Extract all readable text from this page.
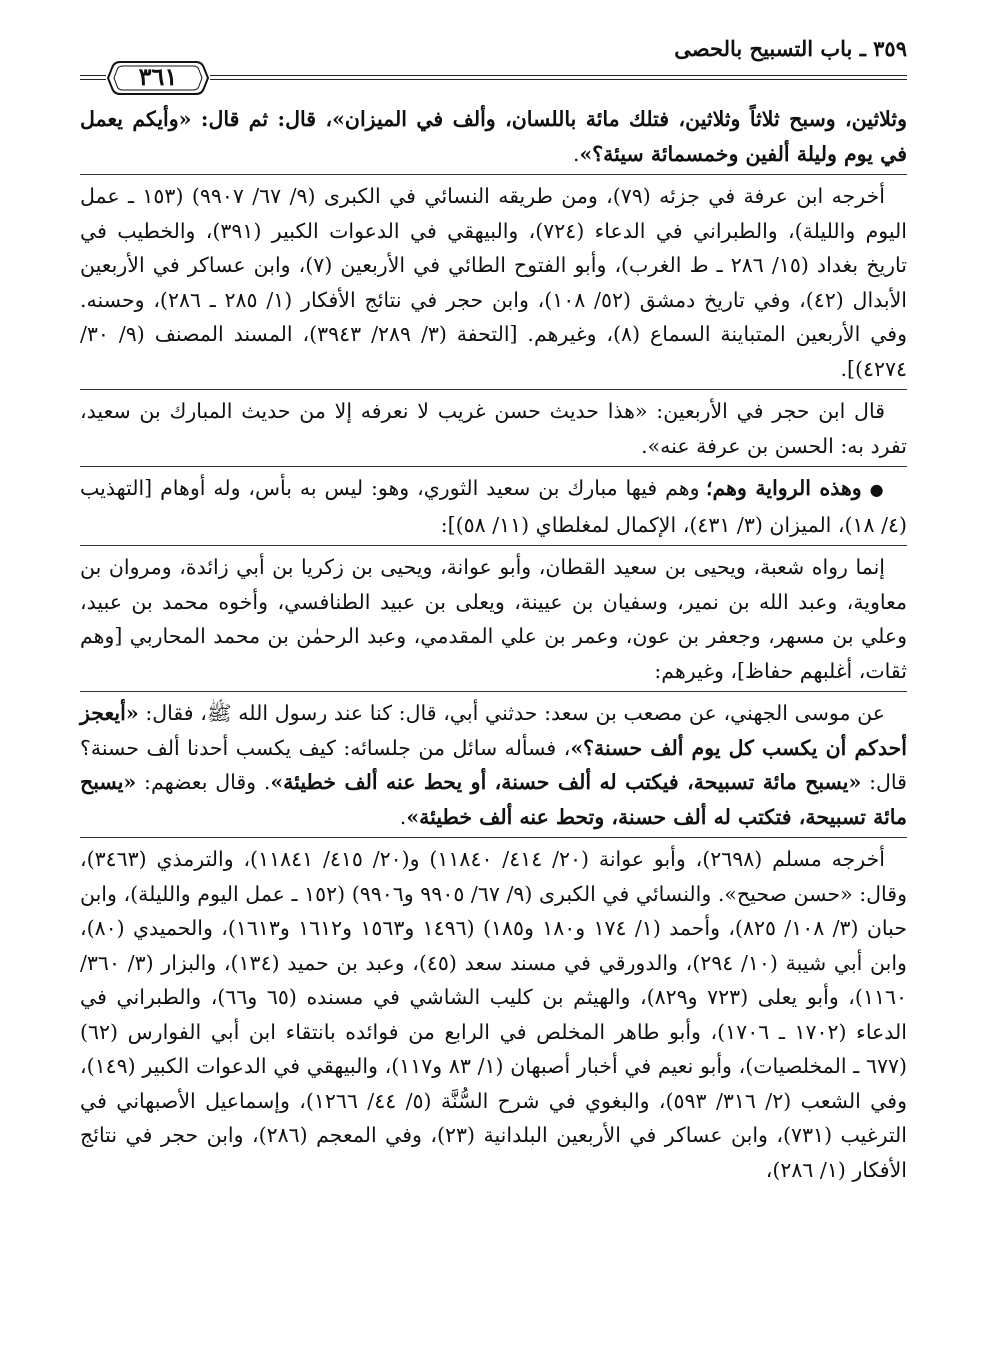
٣٥٩ ـ باب التسبيح بالحصى
٣٦١

وثلاثين، وسبح ثلاثاً وثلاثين، فتلك مائة باللسان، وألف في الميزان»، قال: ثم قال: «وأيكم يعمل في يوم وليلة ألفين وخمسمائة سيئة؟».

أخرجه ابن عرفة في جزئه (٧٩)، ومن طريقه النسائي في الكبرى (٩/ ٦٧/ ٩٩٠٧) (١٥٣ ـ عمل اليوم والليلة)، والطبراني في الدعاء (٧٢٤)، والبيهقي في الدعوات الكبير (٣٩١)، والخطيب في تاريخ بغداد (١٥/ ٢٨٦ ـ ط الغرب)، وأبو الفتوح الطائي في الأربعين (٧)، وابن عساكر في الأربعين الأبدال (٤٢)، وفي تاريخ دمشق (٥٢/ ١٠٨)، وابن حجر في نتائج الأفكار (١/ ٢٨٥ ـ ٢٨٦)، وحسنه. وفي الأربعين المتباينة السماع (٨)، وغيرهم. [التحفة (٣/ ٢٨٩/ ٣٩٤٣)، المسند المصنف (٩/ ٣٠/ ٤٢٧٤)].

قال ابن حجر في الأربعين: «هذا حديث حسن غريب لا نعرفه إلا من حديث المبارك بن سعيد، تفرد به: الحسن بن عرفة عنه».

● وهذه الرواية وهم؛ وهم فيها مبارك بن سعيد الثوري، وهو: ليس به بأس، وله أوهام [التهذيب (٤/ ١٨)، الميزان (٣/ ٤٣١)، الإكمال لمغلطاي (١١/ ٥٨)]:

إنما رواه شعبة، ويحيى بن سعيد القطان، وأبو عوانة، ويحيى بن زكريا بن أبي زائدة، ومروان بن معاوية، وعبد الله بن نمير، وسفيان بن عيينة، ويعلى بن عبيد الطنافسي، وأخوه محمد بن عبيد، وعلي بن مسهر، وجعفر بن عون، وعمر بن علي المقدمي، وعبد الرحمٰن بن محمد المحاربي [وهم ثقات، أغلبهم حفاظ]، وغيرهم:

عن موسى الجهني، عن مصعب بن سعد: حدثني أبي، قال: كنا عند رسول الله ﷺ، فقال: «أيعجز أحدكم أن يكسب كل يوم ألف حسنة؟»، فسأله سائل من جلسائه: كيف يكسب أحدنا ألف حسنة؟ قال: «يسبح مائة تسبيحة، فيكتب له ألف حسنة، أو يحط عنه ألف خطيئة». وقال بعضهم: «يسبح مائة تسبيحة، فتكتب له ألف حسنة، وتحط عنه ألف خطيئة».

أخرجه مسلم (٢٦٩٨)، وأبو عوانة (٢٠/ ٤١٤/ ١١٨٤٠) و(٢٠/ ٤١٥/ ١١٨٤١)، والترمذي (٣٤٦٣)، وقال: «حسن صحيح». والنسائي في الكبرى (٩/ ٦٧/ ٩٩٠٥ و٩٩٠٦) (١٥٢ ـ عمل اليوم والليلة)، وابن حبان (٣/ ١٠٨/ ٨٢٥)، وأحمد (١/ ١٧٤ و١٨٠ و١٨٥) (١٤٩٦ و١٥٦٣ و١٦١٢ و١٦١٣)، والحميدي (٨٠)، وابن أبي شيبة (١٠/ ٢٩٤)، والدورقي في مسند سعد (٤٥)، وعبد بن حميد (١٣٤)، والبزار (٣/ ٣٦٠/ ١١٦٠)، وأبو يعلى (٧٢٣ و٨٢٩)، والهيثم بن كليب الشاشي في مسنده (٦٥ و٦٦)، والطبراني في الدعاء (١٧٠٢ ـ ١٧٠٦)، وأبو طاهر المخلص في الرابع من فوائده بانتقاء ابن أبي الفوارس (٦٢) (٦٧٧ ـ المخلصيات)، وأبو نعيم في أخبار أصبهان (١/ ٨٣ و١١٧)، والبيهقي في الدعوات الكبير (١٤٩)، وفي الشعب (٢/ ٣١٦/ ٥٩٣)، والبغوي في شرح السُّنَّة (٥/ ٤٤/ ١٢٦٦)، وإسماعيل الأصبهاني في الترغيب (٧٣١)، وابن عساكر في الأربعين البلدانية (٢٣)، وفي المعجم (٢٨٦)، وابن حجر في نتائج الأفكار (١/ ٢٨٦)،
